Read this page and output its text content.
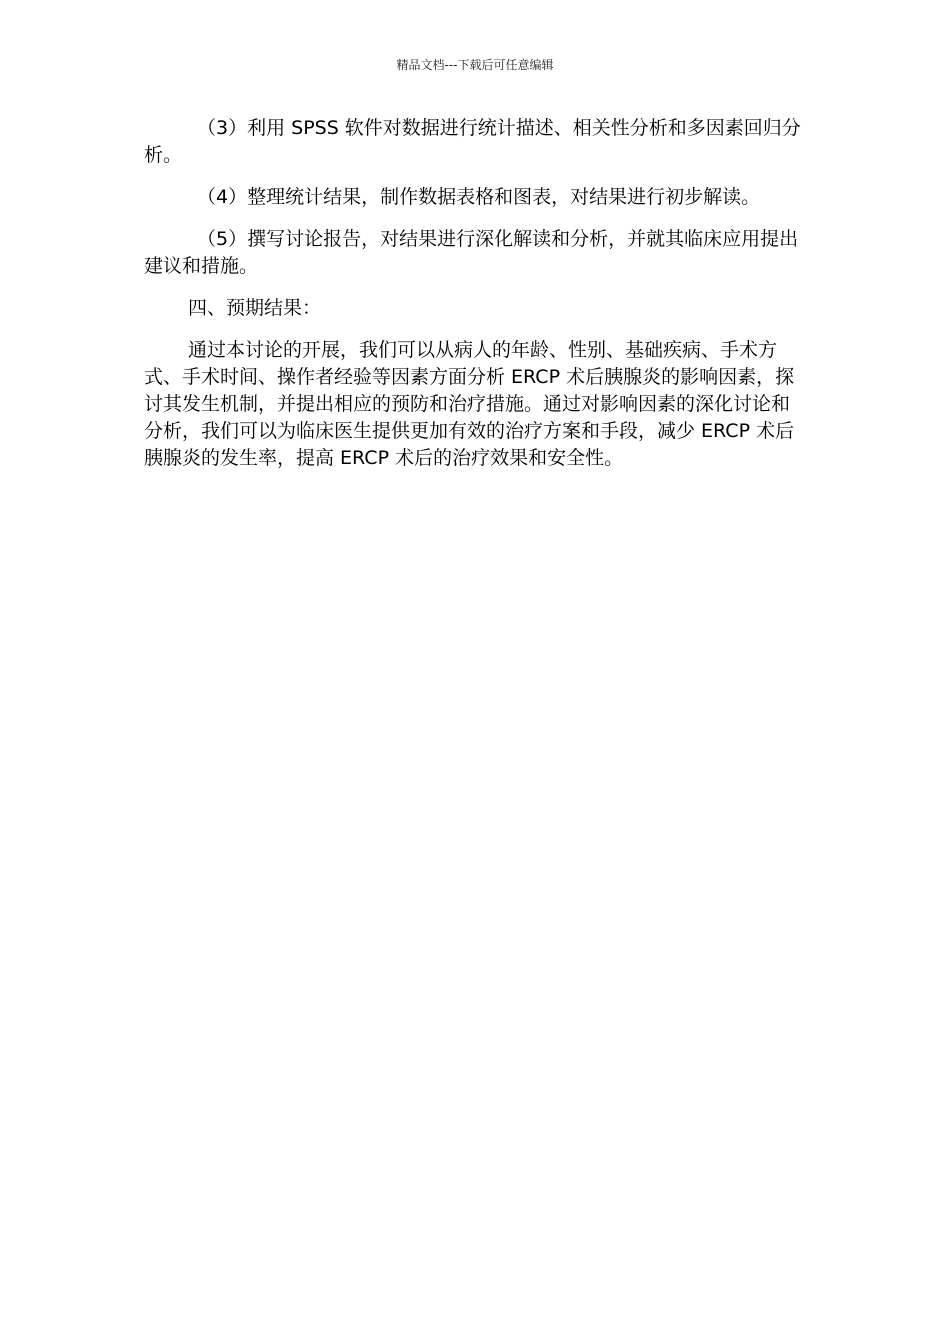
精品文档---下载后可任意编辑

（3）利用 SPSS 软件对数据进行统计描述、相关性分析和多因素回归分析。

（4）整理统计结果，制作数据表格和图表，对结果进行初步解读。

（5）撰写讨论报告，对结果进行深化解读和分析，并就其临床应用提出建议和措施。

四、预期结果：

通过本讨论的开展，我们可以从病人的年龄、性别、基础疾病、手术方式、手术时间、操作者经验等因素方面分析 ERCP 术后胰腺炎的影响因素，探讨其发生机制，并提出相应的预防和治疗措施。通过对影响因素的深化讨论和分析，我们可以为临床医生提供更加有效的治疗方案和手段，减少 ERCP 术后胰腺炎的发生率，提高 ERCP 术后的治疗效果和安全性。
